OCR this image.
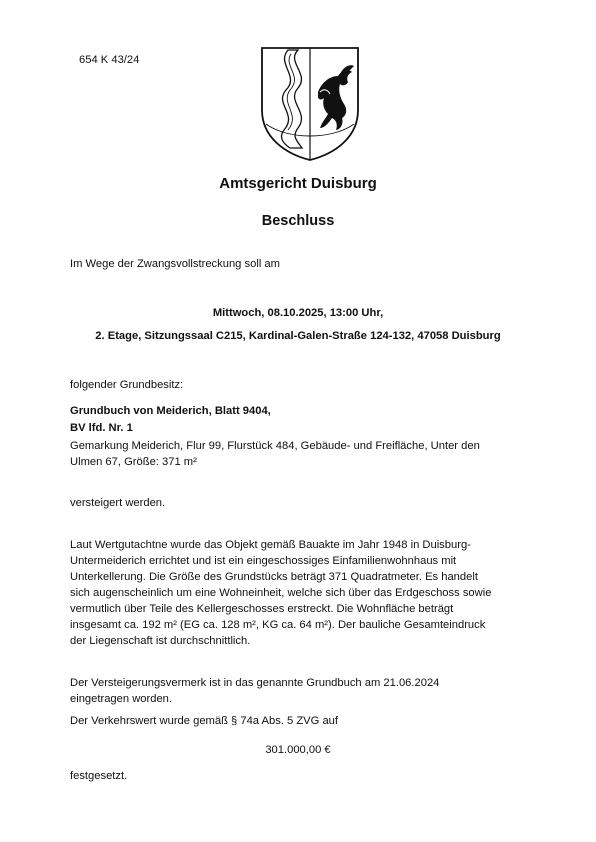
654 K 43/24
Amtsgericht Duisburg
Beschluss
Im Wege der Zwangsvollstreckung soll am
Mittwoch, 08.10.2025, 13:00 Uhr,
2. Etage, Sitzungssaal C215, Kardinal-Galen-Straße 124-132, 47058 Duisburg
folgender Grundbesitz:
Grundbuch von Meiderich, Blatt 9404,
BV lfd. Nr. 1
Gemarkung Meiderich, Flur 99, Flurstück 484, Gebäude- und Freifläche, Unter den
Ulmen 67, Größe: 371 m²
versteigert werden.
Laut Wertgutachtne wurde das Objekt gemäß Bauakte im Jahr 1948 in Duisburg-
Untermeiderich errichtet und ist ein eingeschossiges Einfamilienwohnhaus mit
Unterkellerung. Die Größe des Grundstücks beträgt 371 Quadratmeter. Es handelt
sich augenscheinlich um eine Wohneinheit, welche sich über das Erdgeschoss sowie
vermutlich über Teile des Kellergeschosses erstreckt. Die Wohnfläche beträgt
insgesamt ca. 192 m² (EG ca. 128 m², KG ca. 64 m²). Der bauliche Gesamteindruck
der Liegenschaft ist durchschnittlich.
Der Versteigerungsvermerk ist in das genannte Grundbuch am 21.06.2024
eingetragen worden.
Der Verkehrswert wurde gemäß § 74a Abs. 5 ZVG auf
301.000,00 €
festgesetzt.
